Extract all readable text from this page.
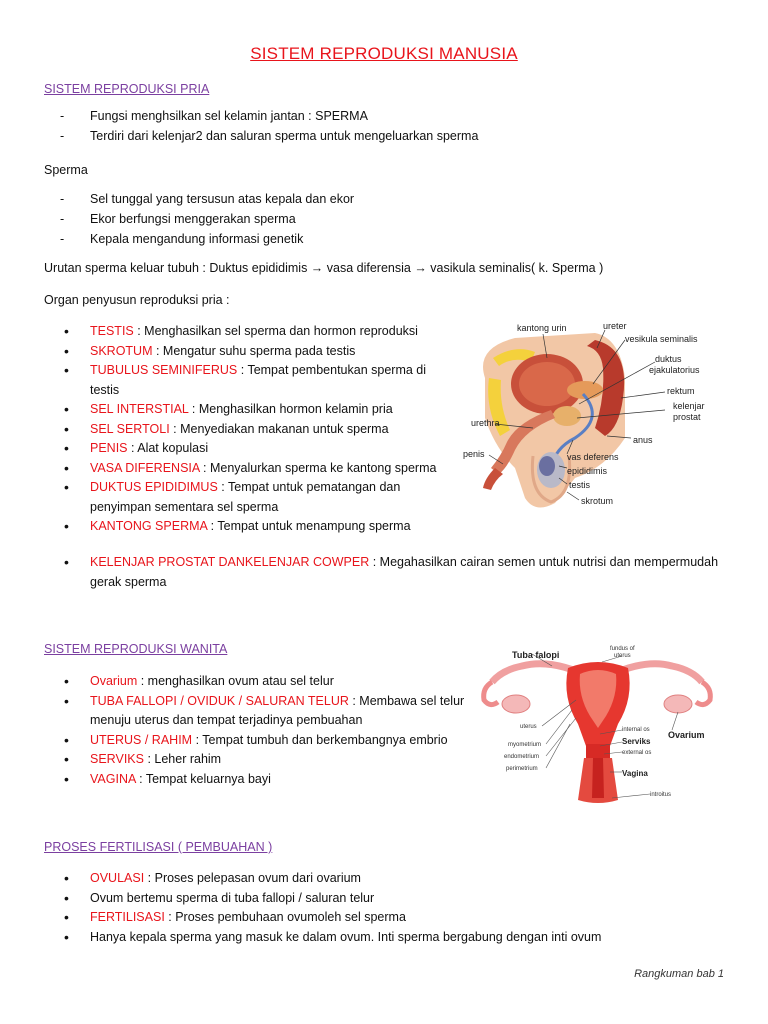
SISTEM REPRODUKSI MANUSIA
SISTEM REPRODUKSI PRIA
- Fungsi menghsilkan sel kelamin jantan : SPERMA
- Terdiri dari kelenjar2 dan saluran sperma untuk mengeluarkan sperma
Sperma
- Sel tunggal yang tersusun atas kepala dan ekor
- Ekor berfungsi menggerakan sperma
- Kepala mengandung informasi genetik
Urutan sperma keluar tubuh : Duktus epididimis → vasa diferensia → vasikula seminalis( k. Sperma )
Organ penyusun reproduksi pria :
• TESTIS : Menghasilkan sel sperma dan hormon reproduksi
• SKROTUM : Mengatur suhu sperma pada testis
• TUBULUS SEMINIFERUS : Tempat pembentukan sperma di testis
• SEL INTERSTIAL : Menghasilkan hormon kelamin pria
• SEL SERTOLI : Menyediakan makanan untuk sperma
• PENIS : Alat kopulasi
• VASA DIFERENSIA : Menyalurkan sperma ke kantong sperma
• DUKTUS EPIDIDIMUS : Tempat untuk pematangan dan penyimpan sementara sel sperma
• KANTONG SPERMA : Tempat untuk menampung sperma
• KELENJAR PROSTAT DANKELENJAR COWPER : Megahasilkan cairan semen untuk nutrisi dan mempermudah gerak sperma
kantong urin	ureter
vesikula seminalis
duktus
ejakulatorius
rektum
kelenjar
prostat
urethra
anus
penis	vas deferens
epididimis
testis
skrotum
SISTEM REPRODUKSI WANITA
• Ovarium : menghasilkan ovum atau sel telur
• TUBA FALLOPI / OVIDUK / SALURAN TELUR : Membawa sel telur menuju uterus dan tempat terjadinya pembuahan
• UTERUS / RAHIM : Tempat tumbuh dan berkembangnya embrio
• SERVIKS : Leher rahim
• VAGINA : Tempat keluarnya bayi
Tuba falopi
fundus of
uterus
uterus	internal os
Serviks
external os
Ovarium
myometrium
endometrium
perimetrium	Vagina
introitus
PROSES FERTILISASI ( PEMBUAHAN )
• OVULASI : Proses pelepasan ovum dari ovarium
• Ovum bertemu sperma di tuba fallopi / saluran telur
• FERTILISASI : Proses pembuhaan ovumoleh sel sperma
• Hanya kepala sperma yang masuk ke dalam ovum. Inti sperma bergabung dengan inti ovum
Rangkuman bab 1
